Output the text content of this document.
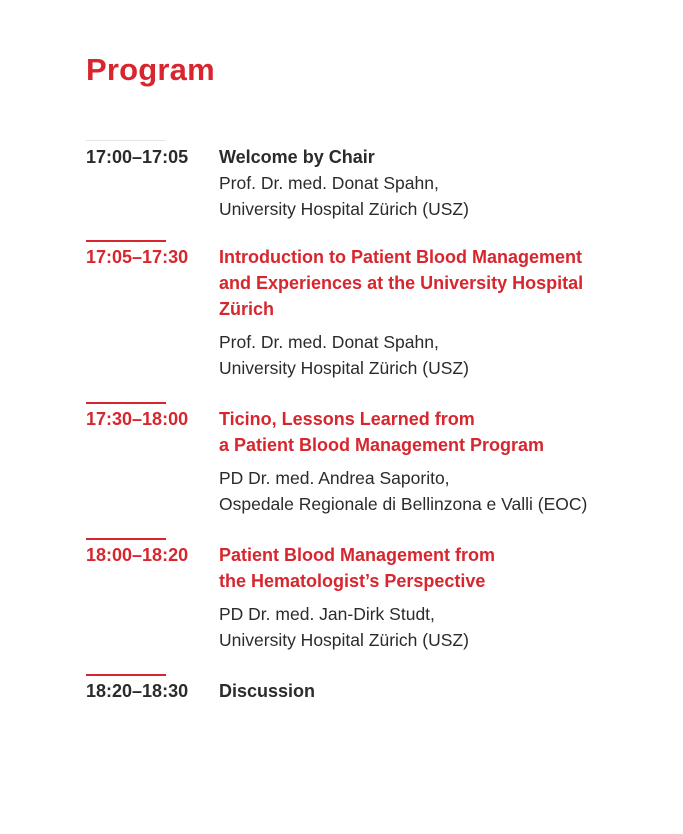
Program
17:00–17:05 Welcome by Chair

Prof. Dr. med. Donat Spahn,
University Hospital Zürich (USZ)

17:05–17:30 Introduction to Patient Blood Management
and Experiences at the University Hospital
Zürich

Prof. Dr. med. Donat Spahn,
University Hospital Zürich (USZ)

17:30–18:00 Ticino, Lessons Learned from
a Patient Blood Management Program

PD Dr. med. Andrea Saporito,
Ospedale Regionale di Bellinzona e Valli (EOC)

18:00–18:20 Patient Blood Management from
the Hematologist’s Perspective

PD Dr. med. Jan-Dirk Studt,
University Hospital Zürich (USZ)

18:20–18:30 Discussion
